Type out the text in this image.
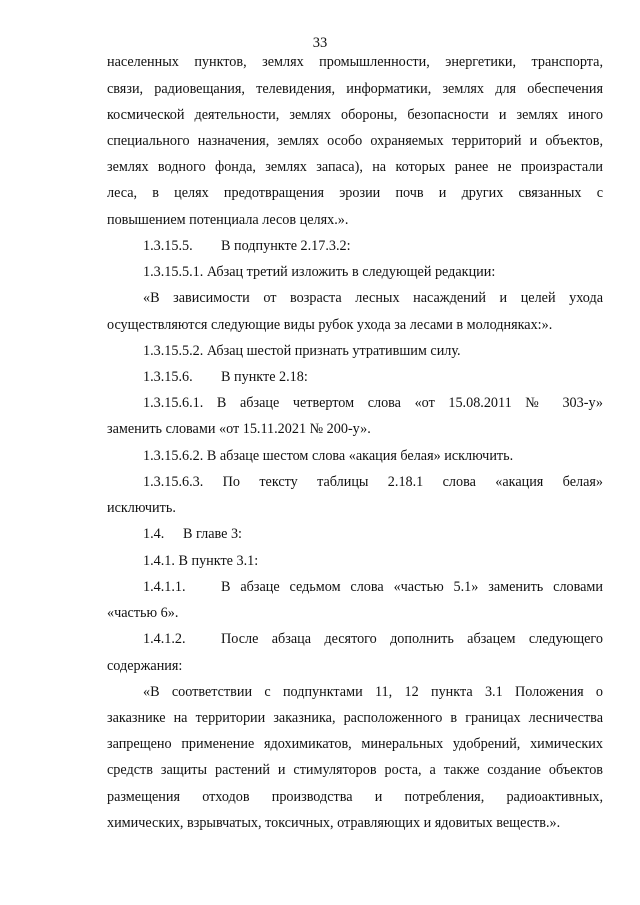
33
населенных пунктов, землях промышленности, энергетики, транспорта,
связи, радиовещания, телевидения, информатики, землях для обеспечения
космической деятельности, землях обороны, безопасности и землях иного
специального назначения, землях особо охраняемых территорий и объектов,
землях водного фонда, землях запаса), на которых ранее не произрастали
леса, в целях предотвращения эрозии почв и других связанных с
повышением потенциала лесов целях.».
1.3.15.5. В подпункте 2.17.3.2:
1.3.15.5.1. Абзац третий изложить в следующей редакции:
«В зависимости от возраста лесных насаждений и целей ухода
осуществляются следующие виды рубок ухода за лесами в молодняках:».
1.3.15.5.2. Абзац шестой признать утратившим силу.
1.3.15.6. В пункте 2.18:
1.3.15.6.1. В абзаце четвертом слова «от 15.08.2011 № 303-у»
заменить словами «от 15.11.2021 № 200-у».
1.3.15.6.2. В абзаце шестом слова «акация белая» исключить.
1.3.15.6.3. По тексту таблицы 2.18.1 слова «акация белая»
исключить.
1.4. В главе 3:
1.4.1. В пункте 3.1:
1.4.1.1. В абзаце седьмом слова «частью 5.1» заменить словами
«частью 6».
1.4.1.2. После абзаца десятого дополнить абзацем следующего
содержания:
«В соответствии с подпунктами 11, 12 пункта 3.1 Положения о
заказнике на территории заказника, расположенного в границах лесничества
запрещено применение ядохимикатов, минеральных удобрений, химических
средств защиты растений и стимуляторов роста, а также создание объектов
размещения отходов производства и потребления, радиоактивных,
химических, взрывчатых, токсичных, отравляющих и ядовитых веществ.».
